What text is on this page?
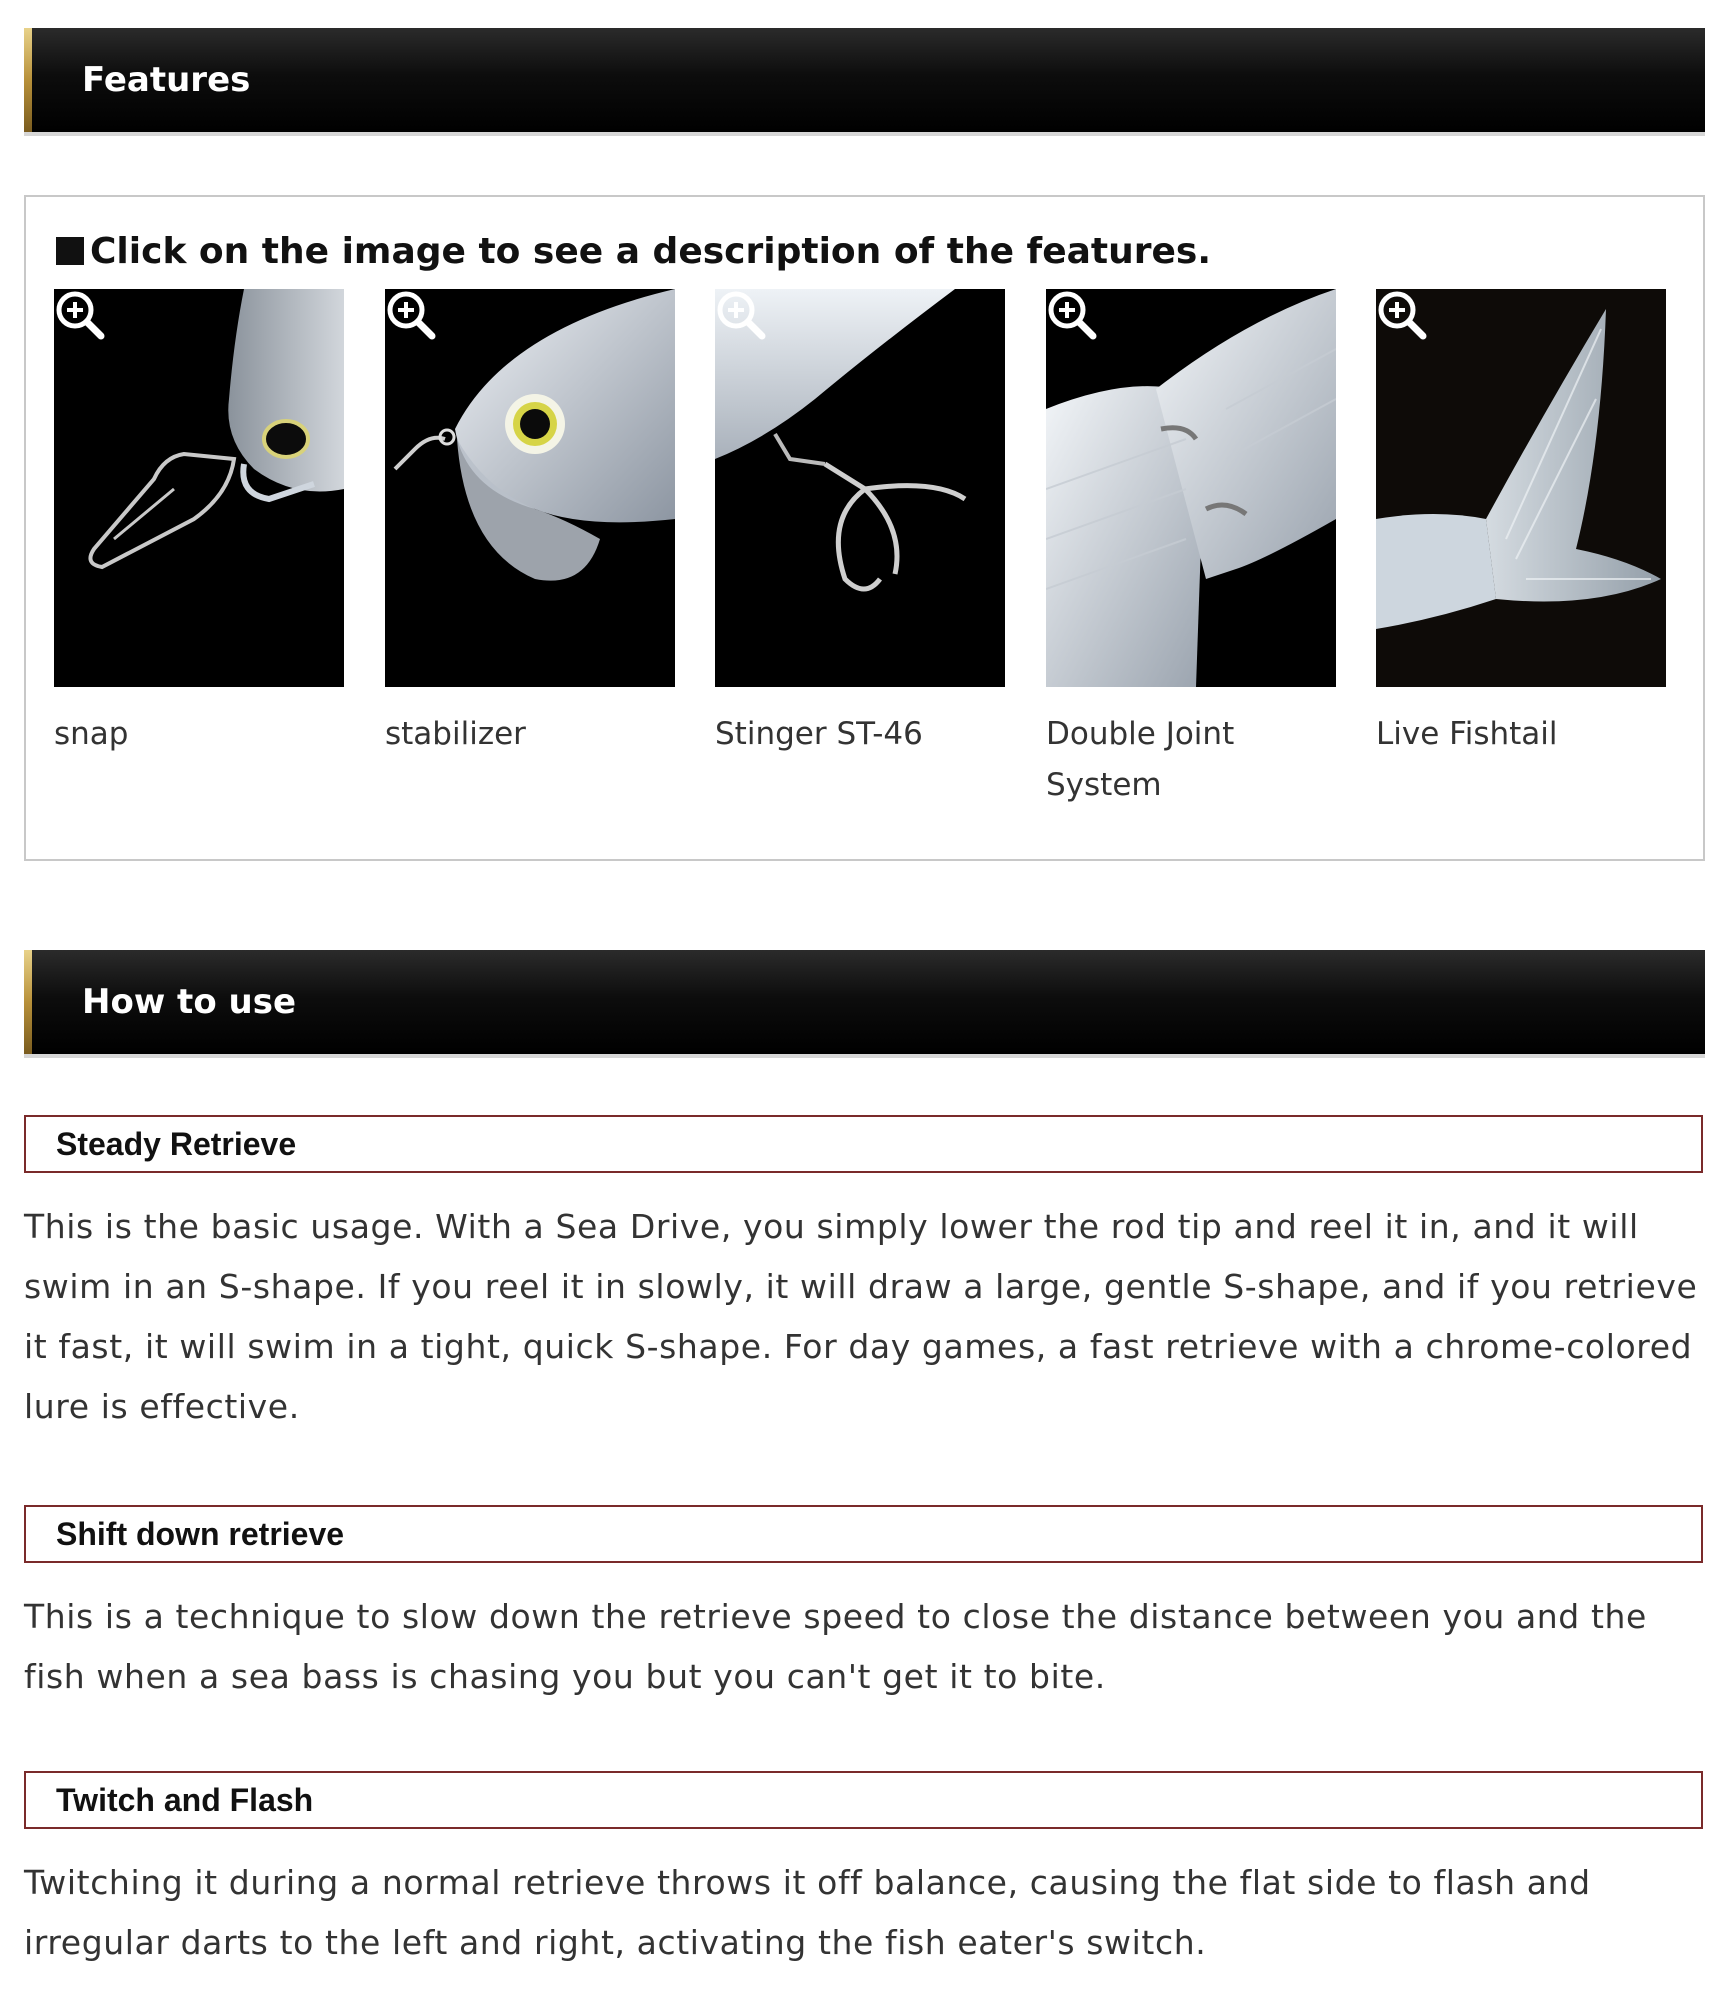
Features
Click on the image to see a description of the features.
snap	stabilizer	Stinger ST-46	Double Joint System
Live Fishtail
How to use
Steady Retrieve
This is the basic usage. With a Sea Drive, you simply lower the rod tip and reel it in, and it will swim in an S-shape. If you reel it in slowly, it will draw a large, gentle S-shape, and if you retrieve it fast, it will swim in a tight, quick S-shape. For day games, a fast retrieve with a chrome-colored lure is effective.
Shift down retrieve
This is a technique to slow down the retrieve speed to close the distance between you and the fish when a sea bass is chasing you but you can't get it to bite.
Twitch and Flash
Twitching it during a normal retrieve throws it off balance, causing the flat side to flash and irregular darts to the left and right, activating the fish eater's switch.
